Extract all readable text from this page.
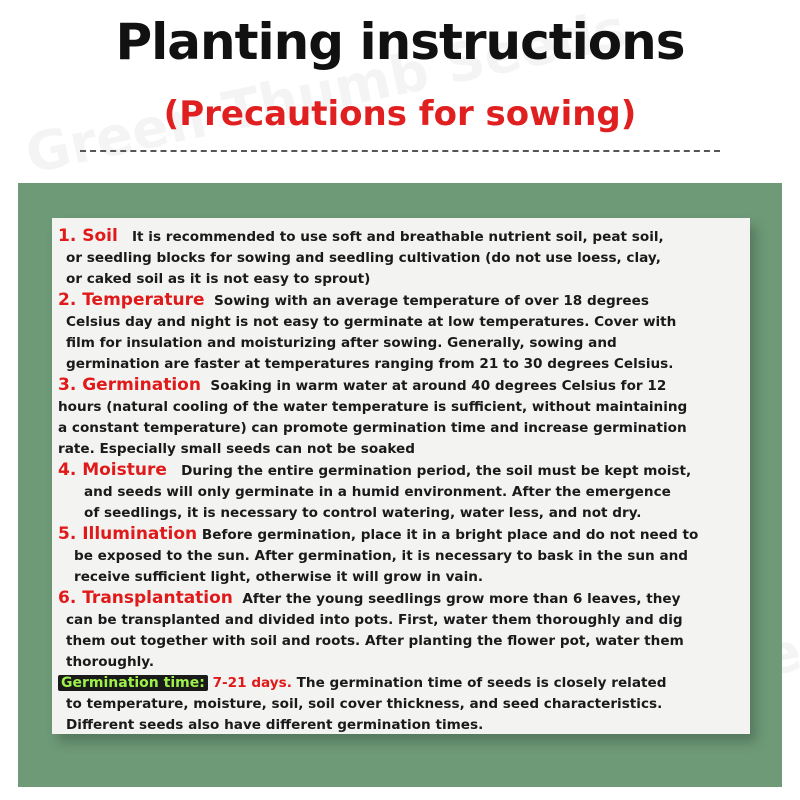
Planting instructions
(Precautions for sowing)
1. Soil It is recommended to use soft and breathable nutrient soil, peat soil,
or seedling blocks for sowing and seedling cultivation (do not use loess, clay,
or caked soil as it is not easy to sprout)
2. Temperature Sowing with an average temperature of over 18 degrees
Celsius day and night is not easy to germinate at low temperatures. Cover with
film for insulation and moisturizing after sowing. Generally, sowing and
germination are faster at temperatures ranging from 21 to 30 degrees Celsius.
3. Germination Soaking in warm water at around 40 degrees Celsius for 12
hours (natural cooling of the water temperature is sufficient, without maintaining
a constant temperature) can promote germination time and increase germination
rate. Especially small seeds can not be soaked
4. Moisture During the entire germination period, the soil must be kept moist,
and seeds will only germinate in a humid environment. After the emergence
of seedlings, it is necessary to control watering, water less, and not dry.
5. Illumination Before germination, place it in a bright place and do not need to
be exposed to the sun. After germination, it is necessary to bask in the sun and
receive sufficient light, otherwise it will grow in vain.
6. Transplantation After the young seedlings grow more than 6 leaves, they
can be transplanted and divided into pots. First, water them thoroughly and dig
them out together with soil and roots. After planting the flower pot, water them
thoroughly.
Germination time: 7-21 days. The germination time of seeds is closely related
to temperature, moisture, soil, soil cover thickness, and seed characteristics.
Different seeds also have different germination times.
